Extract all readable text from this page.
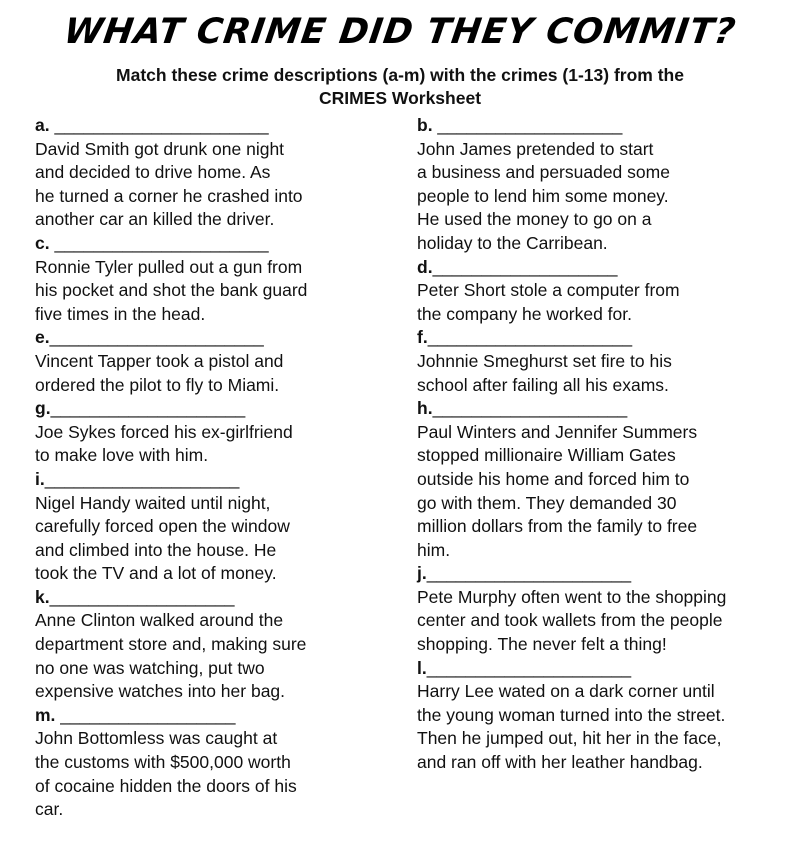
WHAT CRIME DID THEY COMMIT?
Match these crime descriptions (a-m) with the crimes (1-13) from the
CRIMES Worksheet
a. ______________________
David Smith got drunk one night
and decided to drive home. As
he turned a corner he crashed into
another car an killed the driver.
c. ______________________
Ronnie Tyler pulled out a gun from
his pocket and shot the bank guard
five times in the head.
e.______________________
Vincent Tapper took a pistol and
ordered the pilot to fly to Miami.
g.____________________
Joe Sykes forced his ex-girlfriend
to make love with him.
i.____________________
Nigel Handy waited until night,
carefully forced open the window
and climbed into the house. He
took the TV and a lot of money.
k.___________________
Anne Clinton walked around the
department store and, making sure
no one was watching, put two
expensive watches into her bag.
m. __________________
John Bottomless was caught at
the customs with $500,000 worth
of cocaine hidden the doors of his
car.
b. ___________________
John James pretended to start
a business and persuaded some
people to lend him some money.
He used the money to go on a
holiday to the Carribean.
d.___________________
Peter Short stole a computer from
the company he worked for.
f._____________________
Johnnie Smeghurst set fire to his
school after failing all his exams.
h.____________________
Paul Winters and Jennifer Summers
stopped millionaire William Gates
outside his home and forced him to
go with them. They demanded 30
million dollars from the family to free
him.
j._____________________
Pete Murphy often went to the shopping
center and took wallets from the people
shopping. The never felt a thing!
l._____________________
Harry Lee wated on a dark corner until
the young woman turned into the street.
Then he jumped out, hit her in the face,
and ran off with her leather handbag.
